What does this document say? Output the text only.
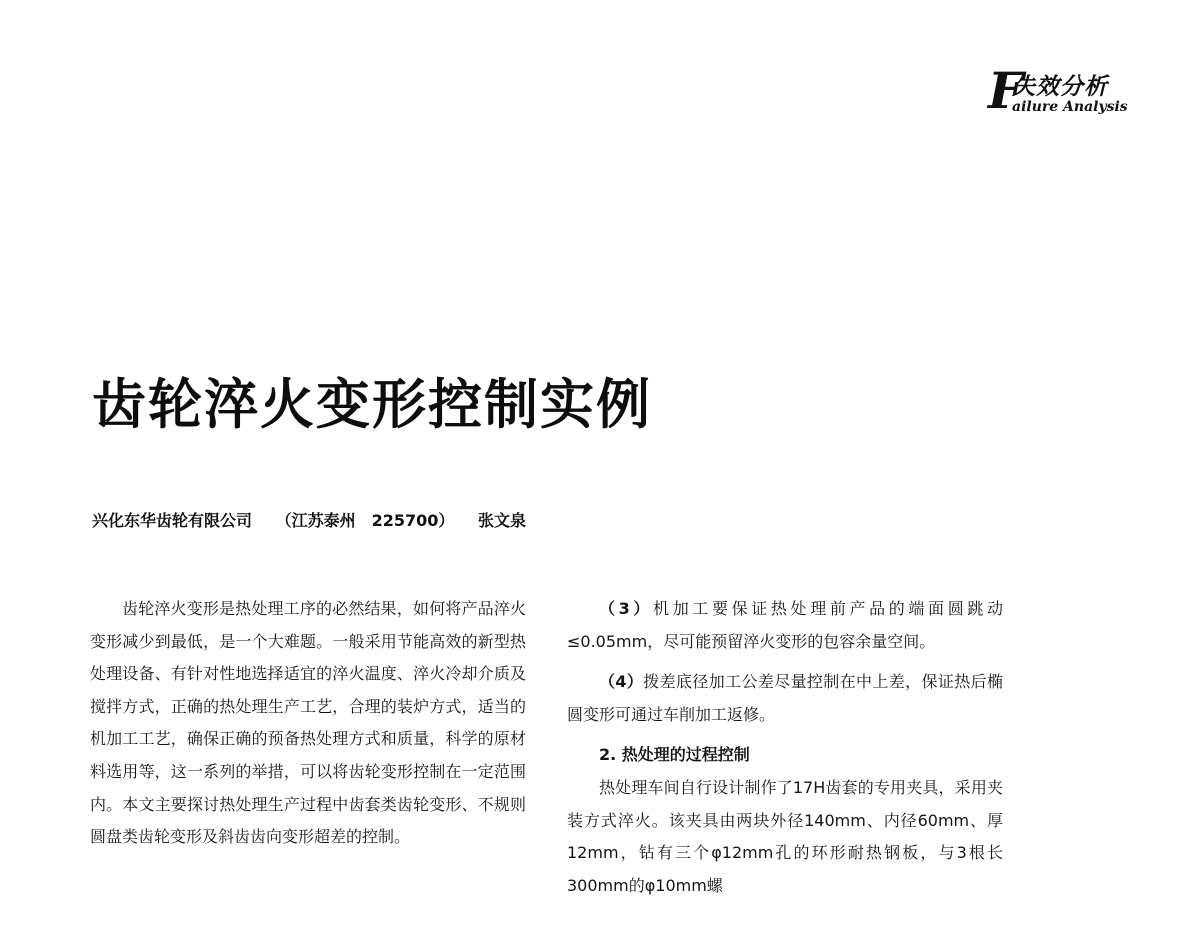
F
失效分析
ailure Analysis
齿轮淬火变形控制实例
兴化东华齿轮有限公司 （江苏泰州　225700） 张文泉

齿轮淬火变形是热处理工序的必然结果，如何将产品淬火变形减少到最低，是一个大难题。一般采用节能高效的新型热处理设备、有针对性地选择适宜的淬火温度、淬火冷却介质及搅拌方式，正确的热处理生产工艺，合理的装炉方式，适当的机加工工艺，确保正确的预备热处理方式和质量，科学的原材料选用等，这一系列的举措，可以将齿轮变形控制在一定范围内。本文主要探讨热处理生产过程中齿套类齿轮变形、不规则圆盘类齿轮变形及斜齿齿向变形超差的控制。

（3）机加工要保证热处理前产品的端面圆跳动≤0.05mm，尽可能预留淬火变形的包容余量空间。

（4）拨差底径加工公差尽量控制在中上差，保证热后椭圆变形可通过车削加工返修。

2. 热处理的过程控制

热处理车间自行设计制作了17H齿套的专用夹具，采用夹装方式淬火。该夹具由两块外径140mm、内径60mm、厚12mm，钻有三个φ12mm孔的环形耐热钢板，与3根长300mm的φ10mm螺
